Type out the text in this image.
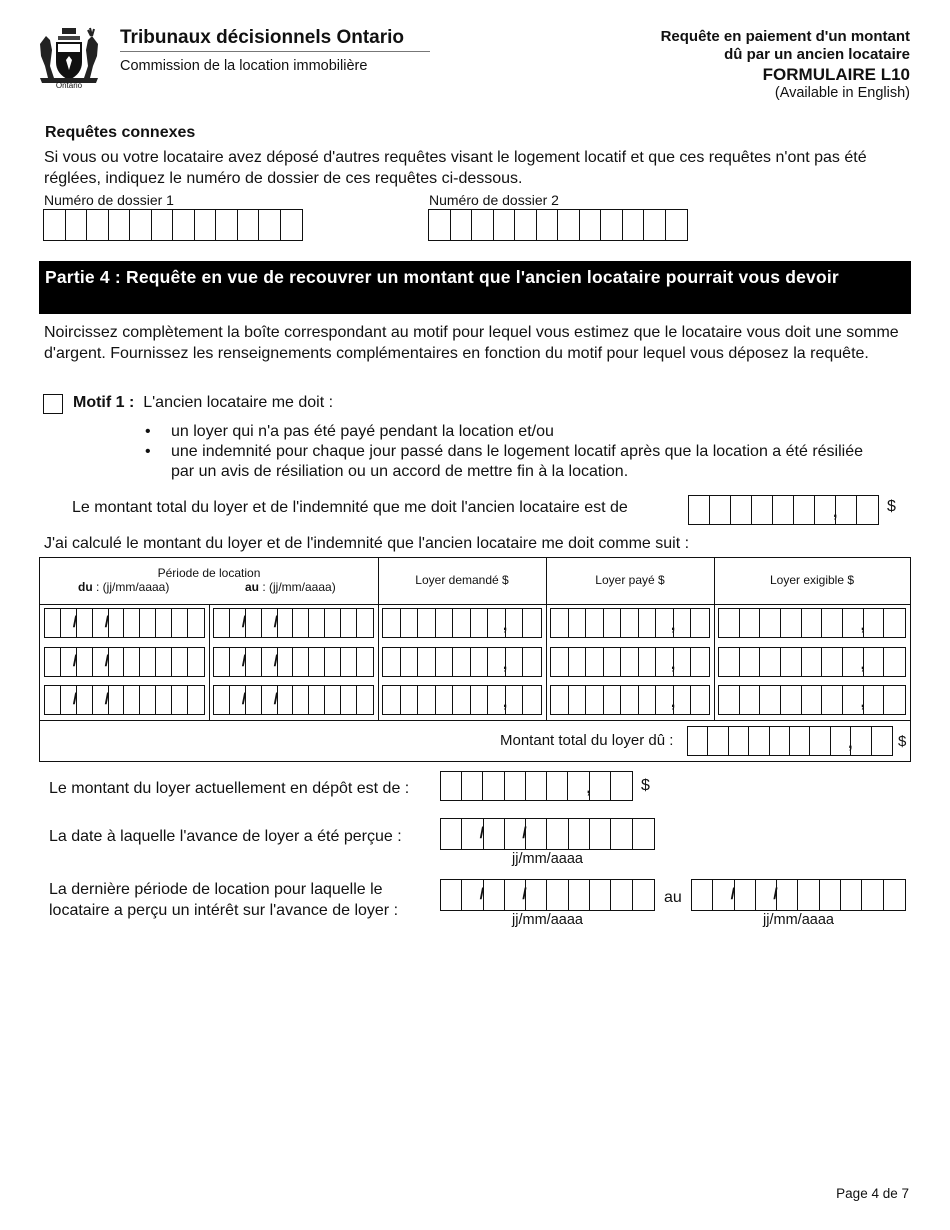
Ontario
Tribunaux décisionnels Ontario
Commission de la location immobilière
Requête en paiement d'un montant
dû par un ancien locataire
FORMULAIRE L10
(Available in English)
Requêtes connexes
Si vous ou votre locataire avez déposé d'autres requêtes visant le logement locatif et que ces requêtes n'ont pas été réglées, indiquez le numéro de dossier de ces requêtes ci-dessous.
Numéro de dossier 1	Numéro de dossier 2
Partie 4 : Requête en vue de recouvrer un montant que l'ancien locataire pourrait vous devoir
Noircissez complètement la boîte correspondant au motif pour lequel vous estimez que le locataire vous doit une somme d'argent. Fournissez les renseignements complémentaires en fonction du motif pour lequel vous déposez la requête.
Motif 1 : L'ancien locataire me doit :
• un loyer qui n'a pas été payé pendant la location et/ou
• une indemnité pour chaque jour passé dans le logement locatif après que la location a été résiliée par un avis de résiliation ou un accord de mettre fin à la location.
Le montant total du loyer et de l'indemnité que me doit l'ancien locataire est de	,	$
J'ai calculé le montant du loyer et de l'indemnité que l'ancien locataire me doit comme suit :
Période de location
du : (jj/mm/aaaa)	au : (jj/mm/aaaa)	Loyer demandé $	Loyer payé $	Loyer exigible $
/ /	/ /	,	,	,
/ /	/ /	,	,	,
/ /	/ /	,	,	,
Montant total du loyer dû :	,	$
Le montant du loyer actuellement en dépôt est de :	,	$
La date à laquelle l'avance de loyer a été perçue :	/ /
jj/mm/aaaa
La dernière période de location pour laquelle le
locataire a perçu un intérêt sur l'avance de loyer :
/ /
jj/mm/aaaa
au	/ /
jj/mm/aaaa
Page 4 de 7
